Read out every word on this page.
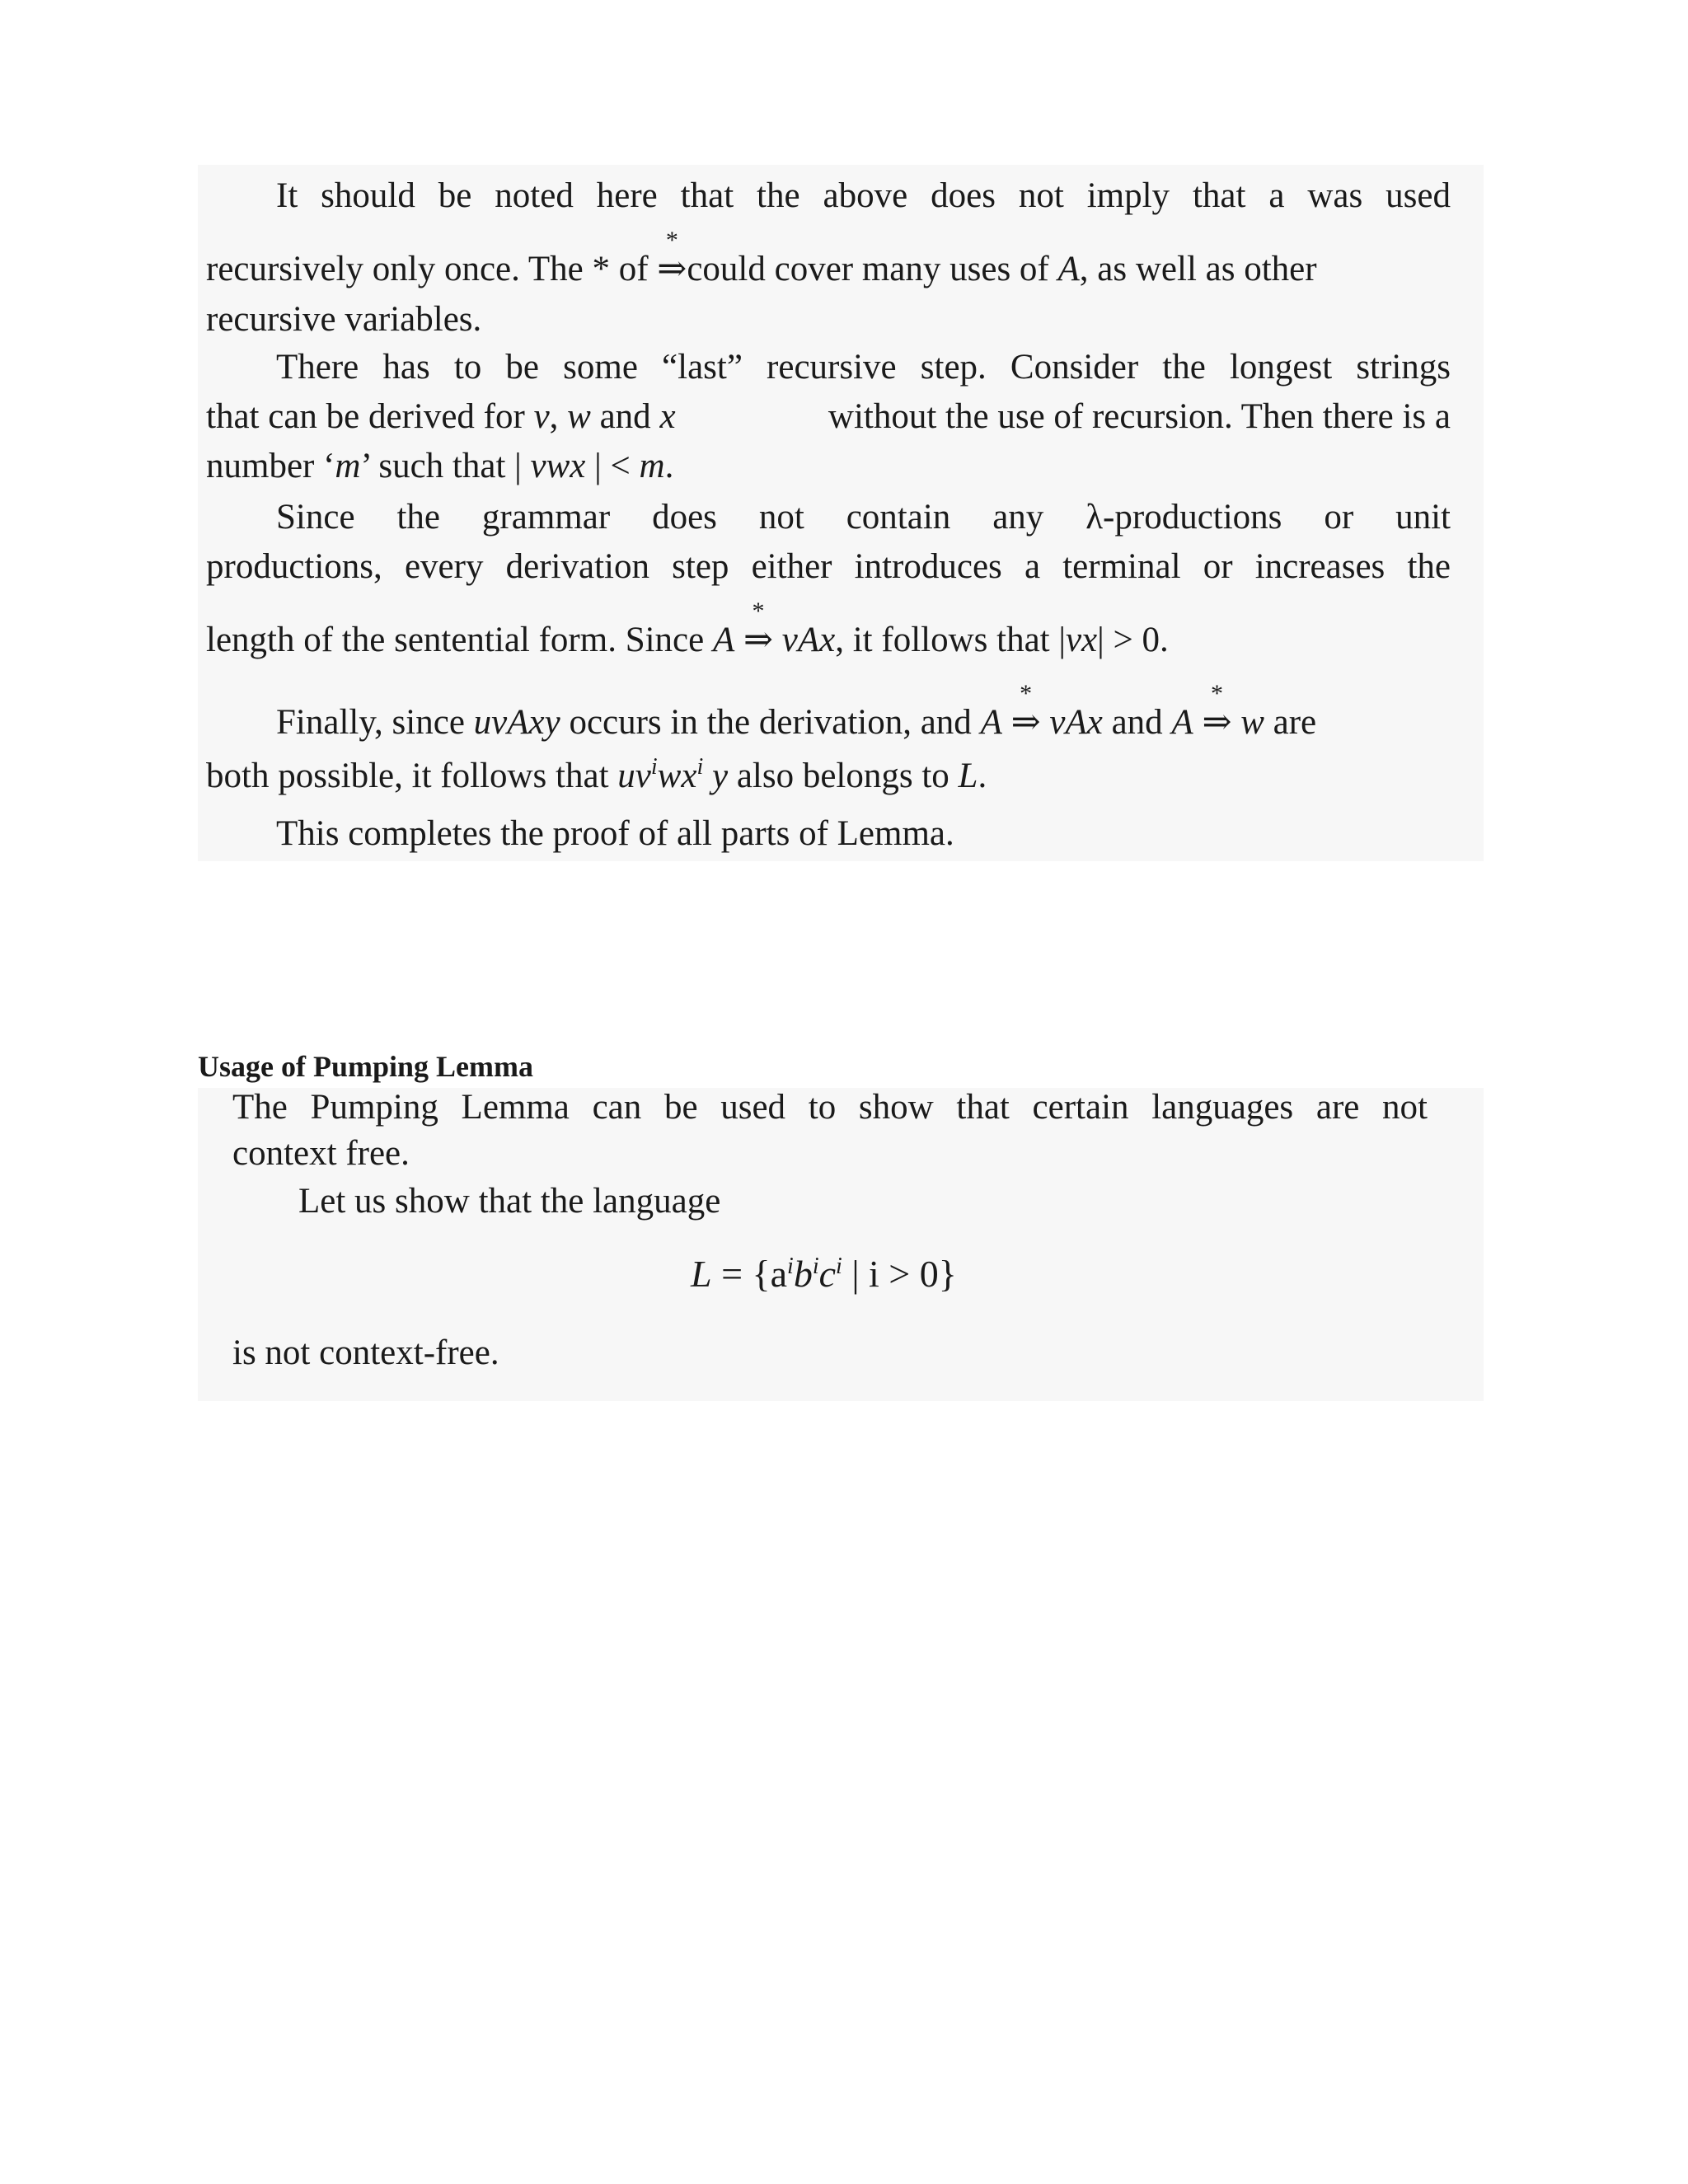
It should be noted here that the above does not imply that a was used
recursively only once. The * of
*
⇒could cover many uses of A, as well as other
recursive variables.
There has to be some “last” recursive step. Consider the longest strings
that can be derived for v, w and x	without the use of recursion. Then there is a
number ‘m’ such that | vwx | < m.
Since the grammar does not contain any λ-productions or unit
productions, every derivation step either introduces a terminal or increases the
length of the sentential form. Since A
*
⇒ vAx, it follows that |vx| > 0.
Finally, since uvAxy occurs in the derivation, and A
*
⇒ vAx and A
*
⇒ w are
both possible, it follows that $uv^iwx^i$ y also belongs to L.
This completes the proof of all parts of Lemma.
Usage of Pumping Lemma
The Pumping Lemma can be used to show that certain languages are not
context free.
Let us show that the language
$L = \{a^ib^ic^i$ | i > 0}
is not context-free.
